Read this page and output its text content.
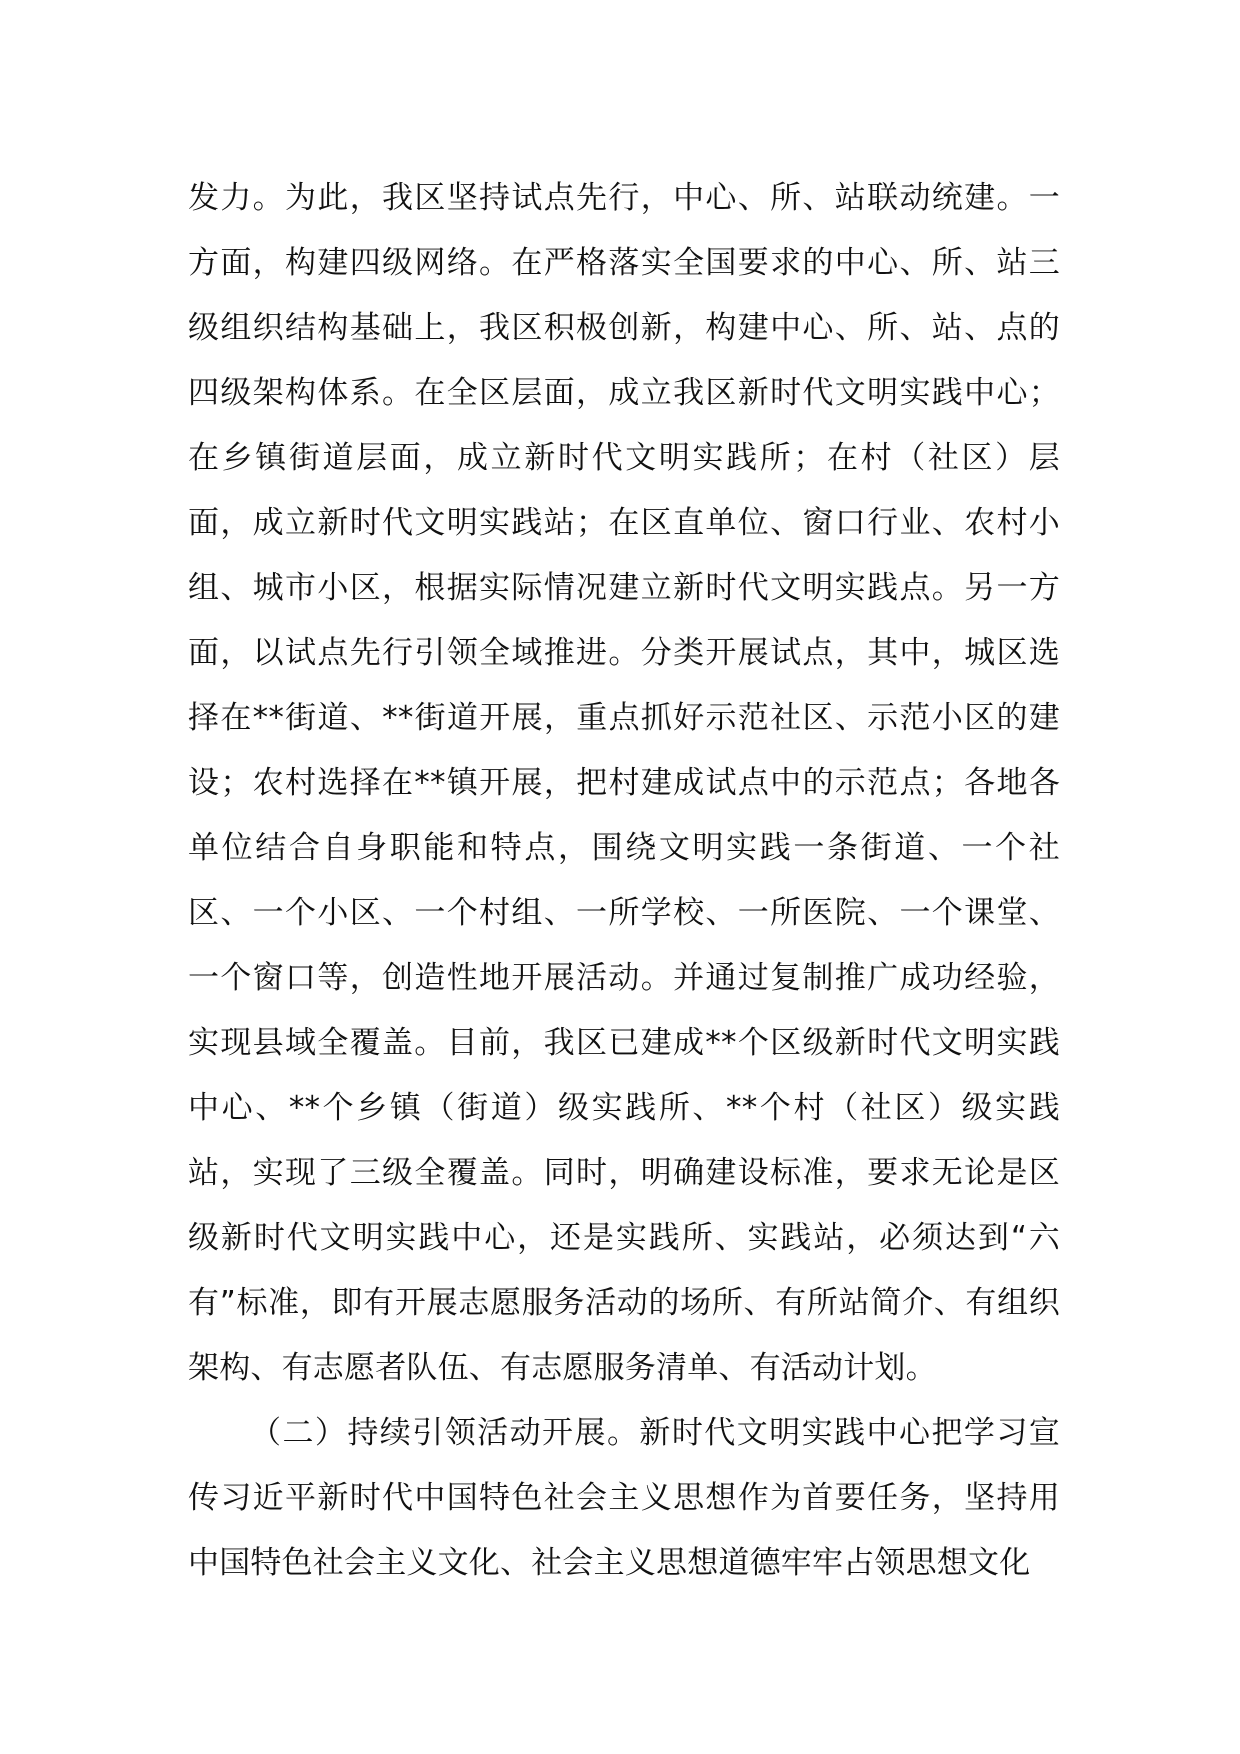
发力。为此，我区坚持试点先行，中心、所、站联动统建。一方面，构建四级网络。在严格落实全国要求的中心、所、站三级组织结构基础上，我区积极创新，构建中心、所、站、点的四级架构体系。在全区层面，成立我区新时代文明实践中心；在乡镇街道层面，成立新时代文明实践所；在村（社区）层面，成立新时代文明实践站；在区直单位、窗口行业、农村小组、城市小区，根据实际情况建立新时代文明实践点。另一方面，以试点先行引领全域推进。分类开展试点，其中，城区选择在**街道、**街道开展，重点抓好示范社区、示范小区的建设；农村选择在**镇开展，把村建成试点中的示范点；各地各单位结合自身职能和特点，围绕文明实践一条街道、一个社区、一个小区、一个村组、一所学校、一所医院、一个课堂、一个窗口等，创造性地开展活动。并通过复制推广成功经验，实现县域全覆盖。目前，我区已建成**个区级新时代文明实践中心、**个乡镇（街道）级实践所、**个村（社区）级实践站，实现了三级全覆盖。同时，明确建设标准，要求无论是区级新时代文明实践中心，还是实践所、实践站，必须达到“六有”标准，即有开展志愿服务活动的场所、有所站简介、有组织架构、有志愿者队伍、有志愿服务清单、有活动计划。

（二）持续引领活动开展。新时代文明实践中心把学习宣传习近平新时代中国特色社会主义思想作为首要任务，坚持用中国特色社会主义文化、社会主义思想道德牢牢占领思想文化
